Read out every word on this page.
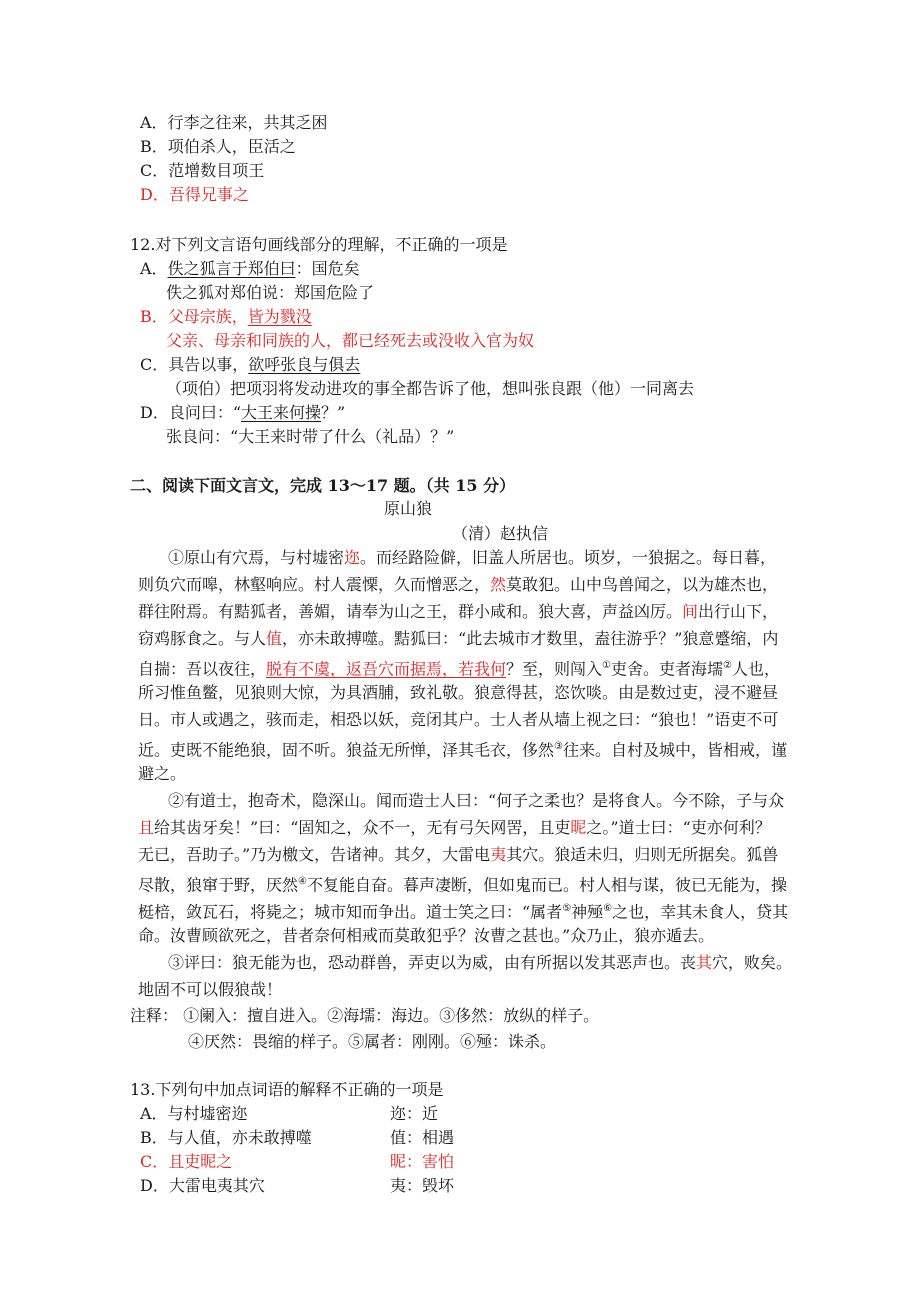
A．行李之往来，共其乏困
B．项伯杀人，臣活之
C．范增数目项王
D．吾得兄事之
12.对下列文言语句画线部分的理解，不正确的一项是
A．佚之狐言于郑伯曰：国危矣
佚之狐对郑伯说：郑国危险了
B．父母宗族，皆为戮没
父亲、母亲和同族的人，都已经死去或没收入官为奴
C．具告以事，欲呼张良与俱去
（项伯）把项羽将发动进攻的事全都告诉了他，想叫张良跟（他）一同离去
D．良问曰：“大王来何操？”
张良问：“大王来时带了什么（礼品）？”
二、阅读下面文言文，完成 13～17 题。（共 15 分）
原山狼
（清）赵执信
①原山有穴焉，与村墟密迩。而经路险僻，旧盖人所居也。顷岁，一狼据之。每日暮，
则负穴而嗥，林壑响应。村人震慄，久而憎恶之，然莫敢犯。山中鸟兽闻之，以为雄杰也，
群往附焉。有黠狐者，善媚，请奉为山之王，群小咸和。狼大喜，声益凶厉。间出行山下，
窃鸡豚食之。与人值，亦未敢搏噬。黠狐曰：“此去城市才数里，盍往游乎？”狼意蹙缩，内
自揣：吾以夜往，脱有不虞，返吾穴而据焉，若我何？至，则闯入①吏舍。吏者海壖②人也，
所习惟鱼鳖，见狼则大惊，为具酒脯，致礼敬。狼意得甚，恣饮啖。由是数过吏，浸不避昼
日。市人或遇之，骇而走，相恐以妖，竞闭其户。士人者从墙上视之曰：“狼也！”语吏不可
近。吏既不能绝狼，固不听。狼益无所惮，泽其毛衣，侈然③往来。自村及城中，皆相戒，谨
避之。
②有道士，抱奇术，隐深山。闻而造士人曰：“何子之柔也？是将食人。今不除，子与众
且给其齿牙矣！”曰：“固知之，众不一，无有弓矢网罟，且吏昵之。”道士曰：“吏亦何利？
无已，吾助子。”乃为檄文，告诸神。其夕，大雷电夷其穴。狼适未归，归则无所据矣。狐兽
尽散，狼窜于野，厌然④不复能自奋。暮声凄断，但如鬼而已。村人相与谋，彼已无能为，操
梃棓，敛瓦石，将毙之；城市知而争出。道士笑之曰：“属者⑤神殛⑥之也，幸其未食人，贷其
命。汝曹顾欲死之，昔者奈何相戒而莫敢犯乎？汝曹之甚也。”众乃止，狼亦遁去。
③评曰：狼无能为也，恐动群兽，弄吏以为威，由有所据以发其恶声也。丧其穴，败矣。
地固不可以假狼哉！
注释： ①阑入：擅自进入。②海壖：海边。③侈然：放纵的样子。
④厌然：畏缩的样子。⑤属者：刚刚。⑥殛：诛杀。
13.下列句中加点词语的解释不正确的一项是
A．与村墟密迩	迩：近
B．与人值，亦未敢搏噬	值：相遇
C．且吏昵之	昵：害怕
D．大雷电夷其穴	夷：毁坏
